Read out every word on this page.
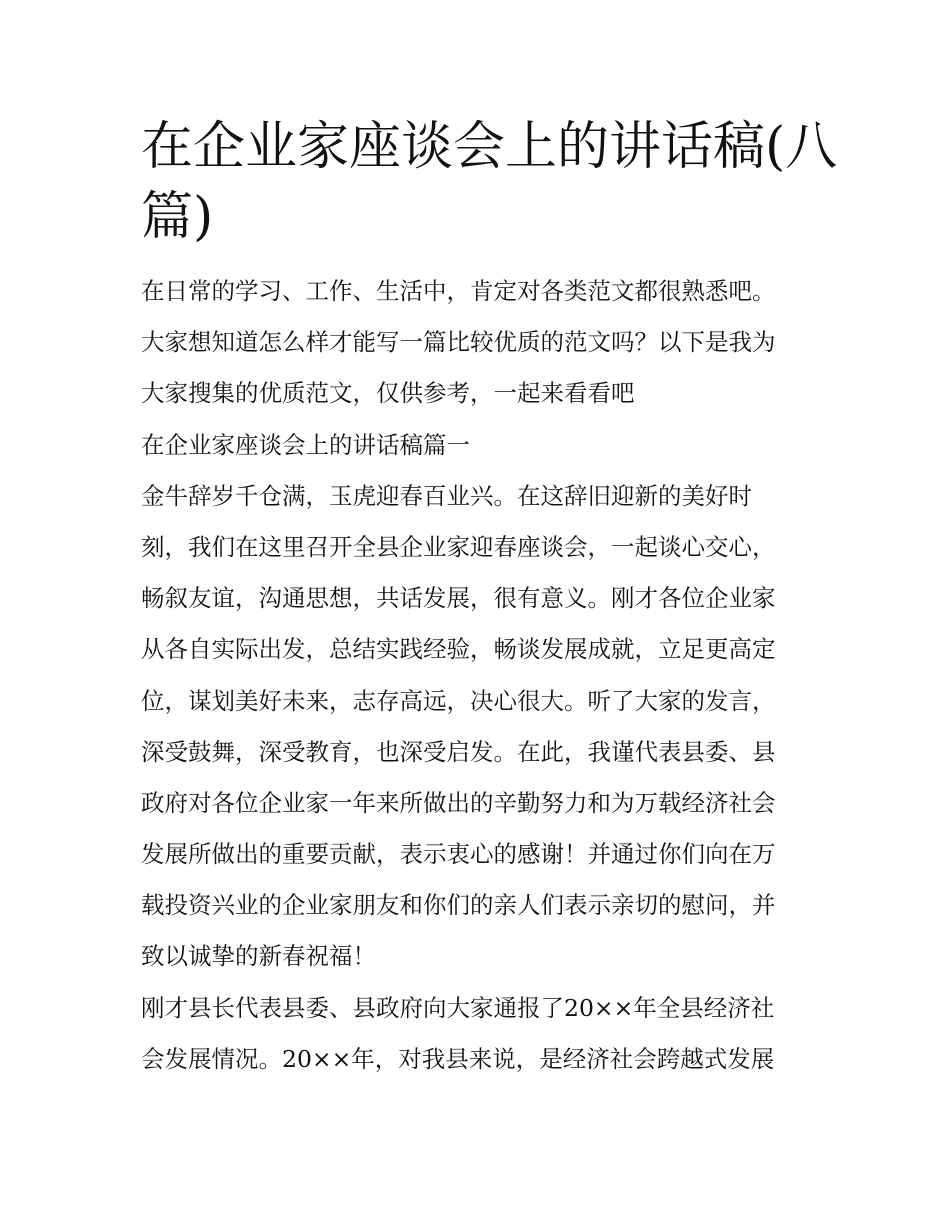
在企业家座谈会上的讲话稿(八
篇)
在日常的学习、工作、生活中，肯定对各类范文都很熟悉吧。
大家想知道怎么样才能写一篇比较优质的范文吗？以下是我为
大家搜集的优质范文，仅供参考，一起来看看吧
在企业家座谈会上的讲话稿篇一
金牛辞岁千仓满，玉虎迎春百业兴。在这辞旧迎新的美好时
刻，我们在这里召开全县企业家迎春座谈会，一起谈心交心，
畅叙友谊，沟通思想，共话发展，很有意义。刚才各位企业家
从各自实际出发，总结实践经验，畅谈发展成就，立足更高定
位，谋划美好未来，志存高远，决心很大。听了大家的发言，
深受鼓舞，深受教育，也深受启发。在此，我谨代表县委、县
政府对各位企业家一年来所做出的辛勤努力和为万载经济社会
发展所做出的重要贡献，表示衷心的感谢！并通过你们向在万
载投资兴业的企业家朋友和你们的亲人们表示亲切的慰问，并
致以诚挚的新春祝福！
刚才县长代表县委、县政府向大家通报了20××年全县经济社
会发展情况。20××年，对我县来说，是经济社会跨越式发展
